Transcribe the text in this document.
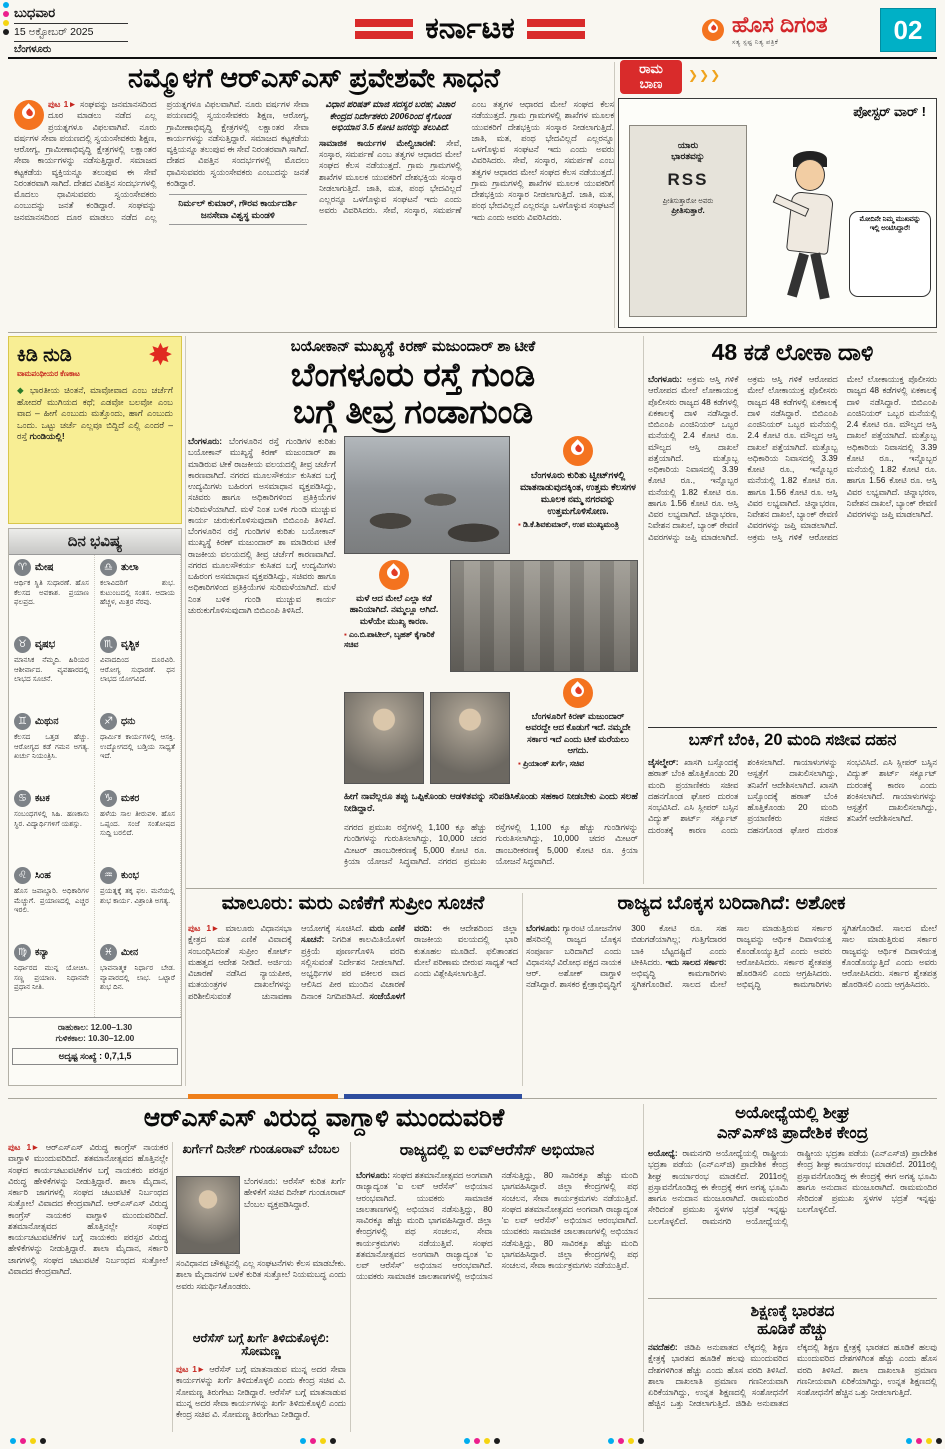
ಬುಧವಾರ
15 ಅಕ್ಟೋಬರ್ 2025
ಬೆಂಗಳೂರು
ಕರ್ನಾಟಕ	ಹೊಸ ದಿಗಂತ
ಸತ್ಯ ಸ್ಪಷ್ಟ ನಿತ್ಯ ಪತ್ರಿಕೆ	02
ನಮ್ಮೊಳಗೆ ಆರ್‌ಎಸ್‌ಎಸ್ ಪ್ರವೇಶವೇ ಸಾಧನೆ
ಪುಟ 1► ಸಂಘವನ್ನು ಜನಮಾನಸದಿಂದ ದೂರ ಮಾಡಲು ನಡೆದ ಎಲ್ಲ ಪ್ರಯತ್ನಗಳೂ ವಿಫಲವಾಗಿವೆ. ನೂರು ವರ್ಷಗಳ ಸೇವಾ ಪಯಣದಲ್ಲಿ ಸ್ವಯಂಸೇವಕರು ಶಿಕ್ಷಣ, ಆರೋಗ್ಯ, ಗ್ರಾಮೀಣಾಭಿವೃದ್ಧಿ ಕ್ಷೇತ್ರಗಳಲ್ಲಿ ಲಕ್ಷಾಂತರ ಸೇವಾ ಕಾರ್ಯಗಳನ್ನು ನಡೆಸುತ್ತಿದ್ದಾರೆ. ಸಮಾಜದ ಕಟ್ಟಕಡೆಯ ವ್ಯಕ್ತಿಯನ್ನೂ ತಲುಪುವ ಈ ಸೇವೆ ನಿರಂತರವಾಗಿ ಸಾಗಿದೆ. ದೇಶದ ವಿಪತ್ತಿನ ಸಂದರ್ಭಗಳಲ್ಲಿ ಮೊದಲು ಧಾವಿಸುವವರು ಸ್ವಯಂಸೇವಕರು ಎಂಬುದನ್ನು ಜನತೆ ಕಂಡಿದ್ದಾರೆ. ಸಂಘವನ್ನು ಜನಮಾನಸದಿಂದ ದೂರ ಮಾಡಲು ನಡೆದ ಎಲ್ಲ ಪ್ರಯತ್ನಗಳೂ ವಿಫಲವಾಗಿವೆ. ನೂರು ವರ್ಷಗಳ ಸೇವಾ ಪಯಣದಲ್ಲಿ ಸ್ವಯಂಸೇವಕರು ಶಿಕ್ಷಣ, ಆರೋಗ್ಯ, ಗ್ರಾಮೀಣಾಭಿವೃದ್ಧಿ ಕ್ಷೇತ್ರಗಳಲ್ಲಿ ಲಕ್ಷಾಂತರ ಸೇವಾ ಕಾರ್ಯಗಳನ್ನು ನಡೆಸುತ್ತಿದ್ದಾರೆ. ಸಮಾಜದ ಕಟ್ಟಕಡೆಯ ವ್ಯಕ್ತಿಯನ್ನೂ ತಲುಪುವ ಈ ಸೇವೆ ನಿರಂತರವಾಗಿ ಸಾಗಿದೆ. ದೇಶದ ವಿಪತ್ತಿನ ಸಂದರ್ಭಗಳಲ್ಲಿ ಮೊದಲು ಧಾವಿಸುವವರು ಸ್ವಯಂಸೇವಕರು ಎಂಬುದನ್ನು ಜನತೆ ಕಂಡಿದ್ದಾರೆ.
ನಿರ್ಮಲ್ ಕುಮಾರ್, ಗೌರವ ಕಾರ್ಯದರ್ಶಿ ಜನಸೇವಾ ವಿಶ್ವಸ್ಥ ಮಂಡಳಿ
ವಿಧಾನ ಪರಿಷತ್ ಮಾಜಿ ಸದಸ್ಯರ ಬರಹ; ವಿಚಾರ ಕೇಂದ್ರದ ನಿರ್ದೇಶಕರು 2006ರಿಂದ ಕೈಗೊಂಡ ಅಭಿಯಾನ 3.5 ಕೋಟಿ ಜನರನ್ನು ತಲುಪಿದೆ.
ಸಾಮಾಜಿಕ ಕಾರ್ಯಗಳ ಮೇಲ್ವಿಚಾರಣೆ: ಸೇವೆ, ಸಂಸ್ಕಾರ, ಸಮರ್ಪಣೆ ಎಂಬ ತತ್ವಗಳ ಆಧಾರದ ಮೇಲೆ ಸಂಘದ ಕೆಲಸ ನಡೆಯುತ್ತದೆ. ಗ್ರಾಮ ಗ್ರಾಮಗಳಲ್ಲಿ ಶಾಖೆಗಳ ಮೂಲಕ ಯುವಕರಿಗೆ ದೇಶಭಕ್ತಿಯ ಸಂಸ್ಕಾರ ನೀಡಲಾಗುತ್ತಿದೆ. ಜಾತಿ, ಮತ, ಪಂಥ ಭೇದವಿಲ್ಲದೆ ಎಲ್ಲರನ್ನೂ ಒಳಗೊಳ್ಳುವ ಸಂಘಟನೆ ಇದು ಎಂದು ಅವರು ವಿವರಿಸಿದರು. ಸೇವೆ, ಸಂಸ್ಕಾರ, ಸಮರ್ಪಣೆ ಎಂಬ ತತ್ವಗಳ ಆಧಾರದ ಮೇಲೆ ಸಂಘದ ಕೆಲಸ ನಡೆಯುತ್ತದೆ. ಗ್ರಾಮ ಗ್ರಾಮಗಳಲ್ಲಿ ಶಾಖೆಗಳ ಮೂಲಕ ಯುವಕರಿಗೆ ದೇಶಭಕ್ತಿಯ ಸಂಸ್ಕಾರ ನೀಡಲಾಗುತ್ತಿದೆ. ಜಾತಿ, ಮತ, ಪಂಥ ಭೇದವಿಲ್ಲದೆ ಎಲ್ಲರನ್ನೂ ಒಳಗೊಳ್ಳುವ ಸಂಘಟನೆ ಇದು ಎಂದು ಅವರು ವಿವರಿಸಿದರು. ಸೇವೆ, ಸಂಸ್ಕಾರ, ಸಮರ್ಪಣೆ ಎಂಬ ತತ್ವಗಳ ಆಧಾರದ ಮೇಲೆ ಸಂಘದ ಕೆಲಸ ನಡೆಯುತ್ತದೆ. ಗ್ರಾಮ ಗ್ರಾಮಗಳಲ್ಲಿ ಶಾಖೆಗಳ ಮೂಲಕ ಯುವಕರಿಗೆ ದೇಶಭಕ್ತಿಯ ಸಂಸ್ಕಾರ ನೀಡಲಾಗುತ್ತಿದೆ. ಜಾತಿ, ಮತ, ಪಂಥ ಭೇದವಿಲ್ಲದೆ ಎಲ್ಲರನ್ನೂ ಒಳಗೊಳ್ಳುವ ಸಂಘಟನೆ ಇದು ಎಂದು ಅವರು ವಿವರಿಸಿದರು.
ರಾಮ
ಬಾಣ
❯❯❯
ಪೋಸ್ಟರ್ ವಾರ್ !
ಯಾರು
ಭಾರತವನ್ನು
RSS
ಪ್ರೀತಿಸುತ್ತಾರೋ ಅವರು
ಪ್ರೀತಿಸುತ್ತಾರೆ.
ಮೋದಿನೇ ನಿಮ್ಮ ಮುಖವನ್ನು ಇಲ್ಲಿ ಅಂಟಿಸಿದ್ದಾರೆ!
✸
ಕಿಡಿ ನುಡಿ
ವಾಮಪಂಥೀಯರ ಕೆಣಕಾಟ
◆ ಭಾರತೀಯ ಚಿಂತನೆ, ಮಾವೋವಾದ ಎಂಬ ಚರ್ಚೆಗೆ ಹೋದರೆ ಮುಗಿಯದ ಕಥೆ; ಎಡವೋ ಬಲವೋ ಎಂಬ ವಾದ – ಹೀಗೆ ಎಂಬುದು ಮತ್ತೊಂದು, ಹಾಗೆ ಎಂಬುದು ಒಂದು. ಒಟ್ಟು ಚರ್ಚೆ ಎಲ್ಲವೂ ಬಿದ್ದಿದೆ ಎಲ್ಲಿ ಎಂದರೆ – ರಸ್ತೆ ಗುಂಡಿಯಲ್ಲಿ!
ದಿನ ಭವಿಷ್ಯ
♈ ಮೇಷ
ಆರ್ಥಿಕ ಸ್ಥಿತಿ ಸುಧಾರಣೆ. ಹೊಸ ಕೆಲಸದ ಅವಕಾಶ. ಪ್ರಯಾಣ ಫಲಪ್ರದ.
♎ ತುಲಾ
ಕಲಾವಿದರಿಗೆ ಶುಭ. ಕುಟುಂಬದಲ್ಲಿ ಸಂತಸ. ಆದಾಯ ಹೆಚ್ಚಳ, ಮಿತ್ರರ ನೆರವು.
♉ ವೃಷಭ
ಮಾನಸಿಕ ನೆಮ್ಮದಿ. ಹಿರಿಯರ ಆಶೀರ್ವಾದ. ವ್ಯವಹಾರದಲ್ಲಿ ಲಾಭದ ಸೂಚನೆ.
♏ ವೃಶ್ಚಿಕ
ವಿವಾದದಿಂದ ದೂರವಿರಿ. ಆರೋಗ್ಯ ಸುಧಾರಣೆ. ಧನ ಲಾಭದ ಯೋಗವಿದೆ.
♊ ಮಿಥುನ
ಕೆಲಸದ ಒತ್ತಡ ಹೆಚ್ಚು. ಆರೋಗ್ಯದ ಕಡೆ ಗಮನ ಅಗತ್ಯ. ಖರ್ಚು ನಿಯಂತ್ರಿಸಿ.
♐ ಧನು
ಧಾರ್ಮಿಕ ಕಾರ್ಯಗಳಲ್ಲಿ ಆಸಕ್ತಿ. ಉದ್ಯೋಗದಲ್ಲಿ ಬಡ್ತಿಯ ಸಾಧ್ಯತೆ ಇದೆ.
♋ ಕಟಕ
ಸಂಬಂಧಗಳಲ್ಲಿ ಸಿಹಿ. ಹಣಕಾಸು ಸ್ಥಿರ. ವಿದ್ಯಾರ್ಥಿಗಳಿಗೆ ಯಶಸ್ಸು.
♑ ಮಕರ
ಹಳೆಯ ಸಾಲ ತೀರುವಳಿ. ಹೊಸ ಒಪ್ಪಂದ. ಸಂಜೆ ಸಂತೋಷದ ಸುದ್ದಿ ಬರಲಿದೆ.
♌ ಸಿಂಹ
ಹೊಸ ಜವಾಬ್ದಾರಿ. ಅಧಿಕಾರಿಗಳ ಮೆಚ್ಚುಗೆ. ಪ್ರಯಾಣದಲ್ಲಿ ಎಚ್ಚರ ಇರಲಿ.
♒ ಕುಂಭ
ಪ್ರಯತ್ನಕ್ಕೆ ತಕ್ಕ ಫಲ. ಮನೆಯಲ್ಲಿ ಶುಭ ಕಾರ್ಯ. ವಿಶ್ರಾಂತಿ ಅಗತ್ಯ.
♍ ಕನ್ಯಾ
ನಿರ್ಧಾರದ ಮುನ್ನ ಯೋಚಿಸಿ. ಸಣ್ಣ ಪ್ರಯಾಣ. ನಿಧಾನವೇ ಪ್ರಧಾನ ನೀತಿ.
♓ ಮೀನ
ಭಾವನಾತ್ಮಕ ನಿರ್ಧಾರ ಬೇಡ. ವ್ಯಾಪಾರದಲ್ಲಿ ಲಾಭ. ಒಟ್ಟಾರೆ ಶುಭ ದಿನ.
ರಾಹುಕಾಲ: 12.00–1.30
ಗುಳಿಕಕಾಲ: 10.30–12.00
ಅದೃಷ್ಟ ಸಂಖ್ಯೆ : 0,7,1,5
ಬಯೋಕಾನ್ ಮುಖ್ಯಸ್ಥೆ ಕಿರಣ್ ಮಜುಂದಾರ್ ಶಾ ಟೀಕೆ
ಬೆಂಗಳೂರು ರಸ್ತೆ ಗುಂಡಿ
ಬಗ್ಗೆ ತೀವ್ರ ಗಂಡಾಗುಂಡಿ
ಬೆಂಗಳೂರು: ಬೆಂಗಳೂರಿನ ರಸ್ತೆ ಗುಂಡಿಗಳ ಕುರಿತು ಬಯೋಕಾನ್ ಮುಖ್ಯಸ್ಥೆ ಕಿರಣ್ ಮಜುಂದಾರ್ ಶಾ ಮಾಡಿರುವ ಟೀಕೆ ರಾಜಕೀಯ ವಲಯದಲ್ಲಿ ತೀವ್ರ ಚರ್ಚೆಗೆ ಕಾರಣವಾಗಿದೆ. ನಗರದ ಮೂಲಸೌಕರ್ಯ ಕುಸಿತದ ಬಗ್ಗೆ ಉದ್ಯಮಿಗಳು ಬಹಿರಂಗ ಅಸಮಾಧಾನ ವ್ಯಕ್ತಪಡಿಸಿದ್ದು, ಸಚಿವರು ಹಾಗೂ ಅಧಿಕಾರಿಗಳಿಂದ ಪ್ರತಿಕ್ರಿಯೆಗಳ ಸುರಿಮಳೆಯಾಗಿದೆ. ಮಳೆ ನಿಂತ ಬಳಿಕ ಗುಂಡಿ ಮುಚ್ಚುವ ಕಾರ್ಯ ಚುರುಕುಗೊಳಿಸುವುದಾಗಿ ಬಿಬಿಎಂಪಿ ತಿಳಿಸಿದೆ. ಬೆಂಗಳೂರಿನ ರಸ್ತೆ ಗುಂಡಿಗಳ ಕುರಿತು ಬಯೋಕಾನ್ ಮುಖ್ಯಸ್ಥೆ ಕಿರಣ್ ಮಜುಂದಾರ್ ಶಾ ಮಾಡಿರುವ ಟೀಕೆ ರಾಜಕೀಯ ವಲಯದಲ್ಲಿ ತೀವ್ರ ಚರ್ಚೆಗೆ ಕಾರಣವಾಗಿದೆ. ನಗರದ ಮೂಲಸೌಕರ್ಯ ಕುಸಿತದ ಬಗ್ಗೆ ಉದ್ಯಮಿಗಳು ಬಹಿರಂಗ ಅಸಮಾಧಾನ ವ್ಯಕ್ತಪಡಿಸಿದ್ದು, ಸಚಿವರು ಹಾಗೂ ಅಧಿಕಾರಿಗಳಿಂದ ಪ್ರತಿಕ್ರಿಯೆಗಳ ಸುರಿಮಳೆಯಾಗಿದೆ. ಮಳೆ ನಿಂತ ಬಳಿಕ ಗುಂಡಿ ಮುಚ್ಚುವ ಕಾರ್ಯ ಚುರುಕುಗೊಳಿಸುವುದಾಗಿ ಬಿಬಿಎಂಪಿ ತಿಳಿಸಿದೆ.
ಬೆಂಗಳೂರು ಕುರಿತು ಟ್ವೀಟ್‌ಗಳಲ್ಲಿ ಮಾತನಾಡುವುದಕ್ಕಿಂತ, ಉತ್ತಮ ಕೆಲಸಗಳ ಮೂಲಕ ನಮ್ಮ ನಗರವನ್ನು ಉತ್ತಮಗೊಳಿಸೋಣ.
▪ ಡಿ.ಕೆ.ಶಿವಕುಮಾರ್, ಉಪ ಮುಖ್ಯಮಂತ್ರಿ
ಮಳೆ ಆದ ಮೇಲೆ ಎಲ್ಲಾ ಕಡೆ ಹಾನಿಯಾಗಿದೆ. ನಮ್ಮಲ್ಲೂ ಆಗಿದೆ. ಮಳೆಯೇ ಮುಖ್ಯ ಕಾರಣ.
▪ ಎಂ.ಬಿ.ಪಾಟೀಲ್, ಬೃಹತ್ ಕೈಗಾರಿಕೆ ಸಚಿವ
ಬೆಂಗಳೂರಿಗೆ ಕಿರಣ್ ಮಜುಂದಾರ್ ಅವರದ್ದೇ ಆದ ಕೊಡುಗೆ ಇದೆ. ನಮ್ಮದೇ ಸರ್ಕಾರ ಇದೆ ಎಂದು ಟೀಕೆ ಮರೆಯಲು ಆಗದು.
▪ ಪ್ರಿಯಾಂಕ್ ಖರ್ಗೆ, ಸಚಿವ
ಹೀಗೆ ನಾವೆಲ್ಲರೂ ತಪ್ಪು ಒಪ್ಪಿಕೊಂಡು ಆಡಳಿತವನ್ನು ಸರಿಪಡಿಸಿಕೊಂಡು ಸಹಕಾರ ನೀಡಬೇಕು ಎಂದು ಸಲಹೆ ನೀಡಿದ್ದಾರೆ.
ನಗರದ ಪ್ರಮುಖ ರಸ್ತೆಗಳಲ್ಲಿ 1,100 ಕ್ಕೂ ಹೆಚ್ಚು ಗುಂಡಿಗಳನ್ನು ಗುರುತಿಸಲಾಗಿದ್ದು, 10,000 ಚದರ ಮೀಟರ್ ಡಾಂಬರೀಕರಣಕ್ಕೆ 5,000 ಕೋಟಿ ರೂ. ಕ್ರಿಯಾ ಯೋಜನೆ ಸಿದ್ಧವಾಗಿದೆ. ನಗರದ ಪ್ರಮುಖ ರಸ್ತೆಗಳಲ್ಲಿ 1,100 ಕ್ಕೂ ಹೆಚ್ಚು ಗುಂಡಿಗಳನ್ನು ಗುರುತಿಸಲಾಗಿದ್ದು, 10,000 ಚದರ ಮೀಟರ್ ಡಾಂಬರೀಕರಣಕ್ಕೆ 5,000 ಕೋಟಿ ರೂ. ಕ್ರಿಯಾ ಯೋಜನೆ ಸಿದ್ಧವಾಗಿದೆ.
48 ಕಡೆ ಲೋಕಾ ದಾಳಿ
ಬೆಂಗಳೂರು: ಅಕ್ರಮ ಆಸ್ತಿ ಗಳಿಕೆ ಆರೋಪದ ಮೇಲೆ ಲೋಕಾಯುಕ್ತ ಪೊಲೀಸರು ರಾಜ್ಯದ 48 ಕಡೆಗಳಲ್ಲಿ ಏಕಕಾಲಕ್ಕೆ ದಾಳಿ ನಡೆಸಿದ್ದಾರೆ. ಬಿಬಿಎಂಪಿ ಎಂಜಿನಿಯರ್ ಒಬ್ಬರ ಮನೆಯಲ್ಲಿ 2.4 ಕೋಟಿ ರೂ. ಮೌಲ್ಯದ ಆಸ್ತಿ ದಾಖಲೆ ಪತ್ತೆಯಾಗಿದೆ. ಮತ್ತೊಬ್ಬ ಅಧಿಕಾರಿಯ ನಿವಾಸದಲ್ಲಿ 3.39 ಕೋಟಿ ರೂ., ಇನ್ನೊಬ್ಬರ ಮನೆಯಲ್ಲಿ 1.82 ಕೋಟಿ ರೂ. ಹಾಗೂ 1.56 ಕೋಟಿ ರೂ. ಆಸ್ತಿ ವಿವರ ಲಭ್ಯವಾಗಿದೆ. ಚಿನ್ನಾಭರಣ, ನಿವೇಶನ ದಾಖಲೆ, ಬ್ಯಾಂಕ್ ಠೇವಣಿ ವಿವರಗಳನ್ನು ಜಪ್ತಿ ಮಾಡಲಾಗಿದೆ. ಅಕ್ರಮ ಆಸ್ತಿ ಗಳಿಕೆ ಆರೋಪದ ಮೇಲೆ ಲೋಕಾಯುಕ್ತ ಪೊಲೀಸರು ರಾಜ್ಯದ 48 ಕಡೆಗಳಲ್ಲಿ ಏಕಕಾಲಕ್ಕೆ ದಾಳಿ ನಡೆಸಿದ್ದಾರೆ. ಬಿಬಿಎಂಪಿ ಎಂಜಿನಿಯರ್ ಒಬ್ಬರ ಮನೆಯಲ್ಲಿ 2.4 ಕೋಟಿ ರೂ. ಮೌಲ್ಯದ ಆಸ್ತಿ ದಾಖಲೆ ಪತ್ತೆಯಾಗಿದೆ. ಮತ್ತೊಬ್ಬ ಅಧಿಕಾರಿಯ ನಿವಾಸದಲ್ಲಿ 3.39 ಕೋಟಿ ರೂ., ಇನ್ನೊಬ್ಬರ ಮನೆಯಲ್ಲಿ 1.82 ಕೋಟಿ ರೂ. ಹಾಗೂ 1.56 ಕೋಟಿ ರೂ. ಆಸ್ತಿ ವಿವರ ಲಭ್ಯವಾಗಿದೆ. ಚಿನ್ನಾಭರಣ, ನಿವೇಶನ ದಾಖಲೆ, ಬ್ಯಾಂಕ್ ಠೇವಣಿ ವಿವರಗಳನ್ನು ಜಪ್ತಿ ಮಾಡಲಾಗಿದೆ. ಅಕ್ರಮ ಆಸ್ತಿ ಗಳಿಕೆ ಆರೋಪದ ಮೇಲೆ ಲೋಕಾಯುಕ್ತ ಪೊಲೀಸರು ರಾಜ್ಯದ 48 ಕಡೆಗಳಲ್ಲಿ ಏಕಕಾಲಕ್ಕೆ ದಾಳಿ ನಡೆಸಿದ್ದಾರೆ. ಬಿಬಿಎಂಪಿ ಎಂಜಿನಿಯರ್ ಒಬ್ಬರ ಮನೆಯಲ್ಲಿ 2.4 ಕೋಟಿ ರೂ. ಮೌಲ್ಯದ ಆಸ್ತಿ ದಾಖಲೆ ಪತ್ತೆಯಾಗಿದೆ. ಮತ್ತೊಬ್ಬ ಅಧಿಕಾರಿಯ ನಿವಾಸದಲ್ಲಿ 3.39 ಕೋಟಿ ರೂ., ಇನ್ನೊಬ್ಬರ ಮನೆಯಲ್ಲಿ 1.82 ಕೋಟಿ ರೂ. ಹಾಗೂ 1.56 ಕೋಟಿ ರೂ. ಆಸ್ತಿ ವಿವರ ಲಭ್ಯವಾಗಿದೆ. ಚಿನ್ನಾಭರಣ, ನಿವೇಶನ ದಾಖಲೆ, ಬ್ಯಾಂಕ್ ಠೇವಣಿ ವಿವರಗಳನ್ನು ಜಪ್ತಿ ಮಾಡಲಾಗಿದೆ.
ಬಸ್‌ಗೆ ಬೆಂಕಿ, 20 ಮಂದಿ ಸಜೀವ ದಹನ
ಜೈಸಲ್ಮೇರ್: ಖಾಸಗಿ ಬಸ್ಸೊಂದಕ್ಕೆ ಹಠಾತ್ ಬೆಂಕಿ ಹೊತ್ತಿಕೊಂಡು 20 ಮಂದಿ ಪ್ರಯಾಣಿಕರು ಸಜೀವ ದಹನಗೊಂಡ ಘೋರ ದುರಂತ ಸಂಭವಿಸಿದೆ. ಎಸಿ ಸ್ಲೀಪರ್ ಬಸ್ಸಿನ ವಿದ್ಯುತ್ ಶಾರ್ಟ್ ಸರ್ಕ್ಯೂಟ್ ದುರಂತಕ್ಕೆ ಕಾರಣ ಎಂದು ಶಂಕಿಸಲಾಗಿದೆ. ಗಾಯಾಳುಗಳನ್ನು ಆಸ್ಪತ್ರೆಗೆ ದಾಖಲಿಸಲಾಗಿದ್ದು, ತನಿಖೆಗೆ ಆದೇಶಿಸಲಾಗಿದೆ. ಖಾಸಗಿ ಬಸ್ಸೊಂದಕ್ಕೆ ಹಠಾತ್ ಬೆಂಕಿ ಹೊತ್ತಿಕೊಂಡು 20 ಮಂದಿ ಪ್ರಯಾಣಿಕರು ಸಜೀವ ದಹನಗೊಂಡ ಘೋರ ದುರಂತ ಸಂಭವಿಸಿದೆ. ಎಸಿ ಸ್ಲೀಪರ್ ಬಸ್ಸಿನ ವಿದ್ಯುತ್ ಶಾರ್ಟ್ ಸರ್ಕ್ಯೂಟ್ ದುರಂತಕ್ಕೆ ಕಾರಣ ಎಂದು ಶಂಕಿಸಲಾಗಿದೆ. ಗಾಯಾಳುಗಳನ್ನು ಆಸ್ಪತ್ರೆಗೆ ದಾಖಲಿಸಲಾಗಿದ್ದು, ತನಿಖೆಗೆ ಆದೇಶಿಸಲಾಗಿದೆ.
ಮಾಲೂರು: ಮರು ಎಣಿಕೆಗೆ ಸುಪ್ರೀಂ ಸೂಚನೆ
ಪುಟ 1► ಮಾಲೂರು ವಿಧಾನಸಭಾ ಕ್ಷೇತ್ರದ ಮತ ಎಣಿಕೆ ವಿವಾದಕ್ಕೆ ಸಂಬಂಧಿಸಿದಂತೆ ಸುಪ್ರೀಂ ಕೋರ್ಟ್ ಮಹತ್ವದ ಆದೇಶ ನೀಡಿದೆ. ಅರ್ಜಿಯ ವಿಚಾರಣೆ ನಡೆಸಿದ ನ್ಯಾಯಪೀಠ, ಮತಯಂತ್ರಗಳ ದಾಖಲೆಗಳನ್ನು ಪರಿಶೀಲಿಸುವಂತೆ ಚುನಾವಣಾ ಆಯೋಗಕ್ಕೆ ಸೂಚಿಸಿದೆ. ಮರು ಎಣಿಕೆ ಸೂಚನೆ: ನಿಗದಿತ ಕಾಲಮಿತಿಯೊಳಗೆ ಪ್ರಕ್ರಿಯೆ ಪೂರ್ಣಗೊಳಿಸಿ ವರದಿ ಸಲ್ಲಿಸುವಂತೆ ನಿರ್ದೇಶನ ನೀಡಲಾಗಿದೆ. ಅಭ್ಯರ್ಥಿಗಳ ಪರ ವಕೀಲರ ವಾದ ಆಲಿಸಿದ ಪೀಠ ಮುಂದಿನ ವಿಚಾರಣೆ ದಿನಾಂಕ ನಿಗದಿಪಡಿಸಿದೆ. ಸಂಜೆಯೊಳಗೆ ವರದಿ: ಈ ಆದೇಶದಿಂದ ಜಿಲ್ಲಾ ರಾಜಕೀಯ ವಲಯದಲ್ಲಿ ಭಾರಿ ಕುತೂಹಲ ಮೂಡಿದೆ. ಫಲಿತಾಂಶದ ಮೇಲೆ ಪರಿಣಾಮ ಬೀರುವ ಸಾಧ್ಯತೆ ಇದೆ ಎಂದು ವಿಶ್ಲೇಷಿಸಲಾಗುತ್ತಿದೆ.
ರಾಜ್ಯದ ಬೊಕ್ಕಸ ಬರಿದಾಗಿದೆ: ಅಶೋಕ
ಬೆಂಗಳೂರು: ಗ್ಯಾರಂಟಿ ಯೋಜನೆಗಳ ಹೆಸರಿನಲ್ಲಿ ರಾಜ್ಯದ ಬೊಕ್ಕಸ ಸಂಪೂರ್ಣ ಬರಿದಾಗಿದೆ ಎಂದು ವಿಧಾನಸಭೆ ವಿರೋಧ ಪಕ್ಷದ ನಾಯಕ ಆರ್. ಅಶೋಕ್ ವಾಗ್ದಾಳಿ ನಡೆಸಿದ್ದಾರೆ. ಶಾಸಕರ ಕ್ಷೇತ್ರಾಭಿವೃದ್ಧಿಗೆ 300 ಕೋಟಿ ರೂ. ಸಹ ಬಿಡುಗಡೆಯಾಗಿಲ್ಲ; ಗುತ್ತಿಗೆದಾರರ ಬಾಕಿ ಬೆಟ್ಟದಷ್ಟಿದೆ ಎಂದು ಟೀಕಿಸಿದರು. ಇದು ಸಾಲದ ಸರ್ಕಾರ: ಅಭಿವೃದ್ಧಿ ಕಾಮಗಾರಿಗಳು ಸ್ಥಗಿತಗೊಂಡಿವೆ. ಸಾಲದ ಮೇಲೆ ಸಾಲ ಮಾಡುತ್ತಿರುವ ಸರ್ಕಾರ ರಾಜ್ಯವನ್ನು ಆರ್ಥಿಕ ದಿವಾಳಿಯತ್ತ ಕೊಂಡೊಯ್ಯುತ್ತಿದೆ ಎಂದು ಅವರು ಆರೋಪಿಸಿದರು. ಸರ್ಕಾರ ಶ್ವೇತಪತ್ರ ಹೊರಡಿಸಲಿ ಎಂದು ಆಗ್ರಹಿಸಿದರು. ಅಭಿವೃದ್ಧಿ ಕಾಮಗಾರಿಗಳು ಸ್ಥಗಿತಗೊಂಡಿವೆ. ಸಾಲದ ಮೇಲೆ ಸಾಲ ಮಾಡುತ್ತಿರುವ ಸರ್ಕಾರ ರಾಜ್ಯವನ್ನು ಆರ್ಥಿಕ ದಿವಾಳಿಯತ್ತ ಕೊಂಡೊಯ್ಯುತ್ತಿದೆ ಎಂದು ಅವರು ಆರೋಪಿಸಿದರು. ಸರ್ಕಾರ ಶ್ವೇತಪತ್ರ ಹೊರಡಿಸಲಿ ಎಂದು ಆಗ್ರಹಿಸಿದರು.
ಆರ್‌ಎಸ್‌ಎಸ್ ವಿರುದ್ಧ ವಾಗ್ದಾಳಿ ಮುಂದುವರಿಕೆ
ಪುಟ 1► ಆರ್‌ಎಸ್‌ಎಸ್ ವಿರುದ್ಧ ಕಾಂಗ್ರೆಸ್ ನಾಯಕರ ವಾಗ್ದಾಳಿ ಮುಂದುವರಿದಿದೆ. ಶತಮಾನೋತ್ಸವದ ಹೊತ್ತಿನಲ್ಲೇ ಸಂಘದ ಕಾರ್ಯಚಟುವಟಿಕೆಗಳ ಬಗ್ಗೆ ನಾಯಕರು ಪರಸ್ಪರ ವಿರುದ್ಧ ಹೇಳಿಕೆಗಳನ್ನು ನೀಡುತ್ತಿದ್ದಾರೆ. ಶಾಲಾ ಮೈದಾನ, ಸರ್ಕಾರಿ ಜಾಗಗಳಲ್ಲಿ ಸಂಘದ ಚಟುವಟಿಕೆ ನಿರ್ಬಂಧದ ಸುತ್ತೋಲೆ ವಿವಾದದ ಕೇಂದ್ರವಾಗಿದೆ. ಆರ್‌ಎಸ್‌ಎಸ್ ವಿರುದ್ಧ ಕಾಂಗ್ರೆಸ್ ನಾಯಕರ ವಾಗ್ದಾಳಿ ಮುಂದುವರಿದಿದೆ. ಶತಮಾನೋತ್ಸವದ ಹೊತ್ತಿನಲ್ಲೇ ಸಂಘದ ಕಾರ್ಯಚಟುವಟಿಕೆಗಳ ಬಗ್ಗೆ ನಾಯಕರು ಪರಸ್ಪರ ವಿರುದ್ಧ ಹೇಳಿಕೆಗಳನ್ನು ನೀಡುತ್ತಿದ್ದಾರೆ. ಶಾಲಾ ಮೈದಾನ, ಸರ್ಕಾರಿ ಜಾಗಗಳಲ್ಲಿ ಸಂಘದ ಚಟುವಟಿಕೆ ನಿರ್ಬಂಧದ ಸುತ್ತೋಲೆ ವಿವಾದದ ಕೇಂದ್ರವಾಗಿದೆ.
ಖರ್ಗೆಗೆ ದಿನೇಶ್ ಗುಂಡೂರಾವ್ ಬೆಂಬಲ
ಬೆಂಗಳೂರು: ಆರೆಸೆಸ್ ಕುರಿತ ಖರ್ಗೆ ಹೇಳಿಕೆಗೆ ಸಚಿವ ದಿನೇಶ್ ಗುಂಡೂರಾವ್ ಬೆಂಬಲ ವ್ಯಕ್ತಪಡಿಸಿದ್ದಾರೆ.
ಸಂವಿಧಾನದ ಚೌಕಟ್ಟಿನಲ್ಲಿ ಎಲ್ಲ ಸಂಘಟನೆಗಳು ಕೆಲಸ ಮಾಡಬೇಕು. ಶಾಲಾ ಮೈದಾನಗಳ ಬಳಕೆ ಕುರಿತ ಸುತ್ತೋಲೆ ನಿಯಮಬದ್ಧ ಎಂದು ಅವರು ಸಮರ್ಥಿಸಿಕೊಂಡರು.
ಆರೆಸೆಸ್ ಬಗ್ಗೆ ಖರ್ಗೆ ತಿಳಿದುಕೊಳ್ಳಲಿ: ಸೋಮಣ್ಣ
ಪುಟ 1► ಆರೆಸೆಸ್ ಬಗ್ಗೆ ಮಾತನಾಡುವ ಮುನ್ನ ಅದರ ಸೇವಾ ಕಾರ್ಯಗಳನ್ನು ಖರ್ಗೆ ತಿಳಿದುಕೊಳ್ಳಲಿ ಎಂದು ಕೇಂದ್ರ ಸಚಿವ ವಿ. ಸೋಮಣ್ಣ ತಿರುಗೇಟು ನೀಡಿದ್ದಾರೆ. ಆರೆಸೆಸ್ ಬಗ್ಗೆ ಮಾತನಾಡುವ ಮುನ್ನ ಅದರ ಸೇವಾ ಕಾರ್ಯಗಳನ್ನು ಖರ್ಗೆ ತಿಳಿದುಕೊಳ್ಳಲಿ ಎಂದು ಕೇಂದ್ರ ಸಚಿವ ವಿ. ಸೋಮಣ್ಣ ತಿರುಗೇಟು ನೀಡಿದ್ದಾರೆ.
ರಾಜ್ಯದಲ್ಲಿ ಐ ಲವ್‌ಆರೆಸೆಸ್ ಅಭಿಯಾನ
ಬೆಂಗಳೂರು: ಸಂಘದ ಶತಮಾನೋತ್ಸವದ ಅಂಗವಾಗಿ ರಾಜ್ಯಾದ್ಯಂತ ‘ಐ ಲವ್ ಆರೆಸೆಸ್’ ಅಭಿಯಾನ ಆರಂಭವಾಗಿದೆ. ಯುವಕರು ಸಾಮಾಜಿಕ ಜಾಲತಾಣಗಳಲ್ಲಿ ಅಭಿಯಾನ ನಡೆಸುತ್ತಿದ್ದು, 80 ಸಾವಿರಕ್ಕೂ ಹೆಚ್ಚು ಮಂದಿ ಭಾಗವಹಿಸಿದ್ದಾರೆ. ಜಿಲ್ಲಾ ಕೇಂದ್ರಗಳಲ್ಲಿ ಪಥ ಸಂಚಲನ, ಸೇವಾ ಕಾರ್ಯಕ್ರಮಗಳು ನಡೆಯುತ್ತಿವೆ. ಸಂಘದ ಶತಮಾನೋತ್ಸವದ ಅಂಗವಾಗಿ ರಾಜ್ಯಾದ್ಯಂತ ‘ಐ ಲವ್ ಆರೆಸೆಸ್’ ಅಭಿಯಾನ ಆರಂಭವಾಗಿದೆ. ಯುವಕರು ಸಾಮಾಜಿಕ ಜಾಲತಾಣಗಳಲ್ಲಿ ಅಭಿಯಾನ ನಡೆಸುತ್ತಿದ್ದು, 80 ಸಾವಿರಕ್ಕೂ ಹೆಚ್ಚು ಮಂದಿ ಭಾಗವಹಿಸಿದ್ದಾರೆ. ಜಿಲ್ಲಾ ಕೇಂದ್ರಗಳಲ್ಲಿ ಪಥ ಸಂಚಲನ, ಸೇವಾ ಕಾರ್ಯಕ್ರಮಗಳು ನಡೆಯುತ್ತಿವೆ. ಸಂಘದ ಶತಮಾನೋತ್ಸವದ ಅಂಗವಾಗಿ ರಾಜ್ಯಾದ್ಯಂತ ‘ಐ ಲವ್ ಆರೆಸೆಸ್’ ಅಭಿಯಾನ ಆರಂಭವಾಗಿದೆ. ಯುವಕರು ಸಾಮಾಜಿಕ ಜಾಲತಾಣಗಳಲ್ಲಿ ಅಭಿಯಾನ ನಡೆಸುತ್ತಿದ್ದು, 80 ಸಾವಿರಕ್ಕೂ ಹೆಚ್ಚು ಮಂದಿ ಭಾಗವಹಿಸಿದ್ದಾರೆ. ಜಿಲ್ಲಾ ಕೇಂದ್ರಗಳಲ್ಲಿ ಪಥ ಸಂಚಲನ, ಸೇವಾ ಕಾರ್ಯಕ್ರಮಗಳು ನಡೆಯುತ್ತಿವೆ.
ಅಯೋಧ್ಯೆಯಲ್ಲಿ ಶೀಘ್ರ
ಎನ್‌ಎಸ್‌ಜಿ ಪ್ರಾದೇಶಿಕ ಕೇಂದ್ರ
ಅಯೋಧ್ಯೆ: ರಾಮನಗರಿ ಅಯೋಧ್ಯೆಯಲ್ಲಿ ರಾಷ್ಟ್ರೀಯ ಭದ್ರತಾ ಪಡೆಯ (ಎನ್‌ಎಸ್‌ಜಿ) ಪ್ರಾದೇಶಿಕ ಕೇಂದ್ರ ಶೀಘ್ರ ಕಾರ್ಯಾರಂಭ ಮಾಡಲಿದೆ. 2011ರಲ್ಲಿ ಪ್ರಸ್ತಾವನೆಗೊಂಡಿದ್ದ ಈ ಕೇಂದ್ರಕ್ಕೆ ಈಗ ಅಗತ್ಯ ಭೂಮಿ ಹಾಗೂ ಅನುದಾನ ಮಂಜೂರಾಗಿದೆ. ರಾಮಮಂದಿರ ಸೇರಿದಂತೆ ಪ್ರಮುಖ ಸ್ಥಳಗಳ ಭದ್ರತೆ ಇನ್ನಷ್ಟು ಬಲಗೊಳ್ಳಲಿದೆ. ರಾಮನಗರಿ ಅಯೋಧ್ಯೆಯಲ್ಲಿ ರಾಷ್ಟ್ರೀಯ ಭದ್ರತಾ ಪಡೆಯ (ಎನ್‌ಎಸ್‌ಜಿ) ಪ್ರಾದೇಶಿಕ ಕೇಂದ್ರ ಶೀಘ್ರ ಕಾರ್ಯಾರಂಭ ಮಾಡಲಿದೆ. 2011ರಲ್ಲಿ ಪ್ರಸ್ತಾವನೆಗೊಂಡಿದ್ದ ಈ ಕೇಂದ್ರಕ್ಕೆ ಈಗ ಅಗತ್ಯ ಭೂಮಿ ಹಾಗೂ ಅನುದಾನ ಮಂಜೂರಾಗಿದೆ. ರಾಮಮಂದಿರ ಸೇರಿದಂತೆ ಪ್ರಮುಖ ಸ್ಥಳಗಳ ಭದ್ರತೆ ಇನ್ನಷ್ಟು ಬಲಗೊಳ್ಳಲಿದೆ.
ಶಿಕ್ಷಣಕ್ಕೆ ಭಾರತದ
ಹೂಡಿಕೆ ಹೆಚ್ಚು
ನವದೆಹಲಿ: ಜಿಡಿಪಿ ಅನುಪಾತದ ಲೆಕ್ಕದಲ್ಲಿ ಶಿಕ್ಷಣ ಕ್ಷೇತ್ರಕ್ಕೆ ಭಾರತದ ಹೂಡಿಕೆ ಹಲವು ಮುಂದುವರಿದ ದೇಶಗಳಿಗಿಂತ ಹೆಚ್ಚು ಎಂದು ಹೊಸ ವರದಿ ತಿಳಿಸಿದೆ. ಶಾಲಾ ದಾಖಲಾತಿ ಪ್ರಮಾಣ ಗಣನೀಯವಾಗಿ ಏರಿಕೆಯಾಗಿದ್ದು, ಉನ್ನತ ಶಿಕ್ಷಣದಲ್ಲಿ ಸಂಶೋಧನೆಗೆ ಹೆಚ್ಚಿನ ಒತ್ತು ನೀಡಲಾಗುತ್ತಿದೆ. ಜಿಡಿಪಿ ಅನುಪಾತದ ಲೆಕ್ಕದಲ್ಲಿ ಶಿಕ್ಷಣ ಕ್ಷೇತ್ರಕ್ಕೆ ಭಾರತದ ಹೂಡಿಕೆ ಹಲವು ಮುಂದುವರಿದ ದೇಶಗಳಿಗಿಂತ ಹೆಚ್ಚು ಎಂದು ಹೊಸ ವರದಿ ತಿಳಿಸಿದೆ. ಶಾಲಾ ದಾಖಲಾತಿ ಪ್ರಮಾಣ ಗಣನೀಯವಾಗಿ ಏರಿಕೆಯಾಗಿದ್ದು, ಉನ್ನತ ಶಿಕ್ಷಣದಲ್ಲಿ ಸಂಶೋಧನೆಗೆ ಹೆಚ್ಚಿನ ಒತ್ತು ನೀಡಲಾಗುತ್ತಿದೆ.
